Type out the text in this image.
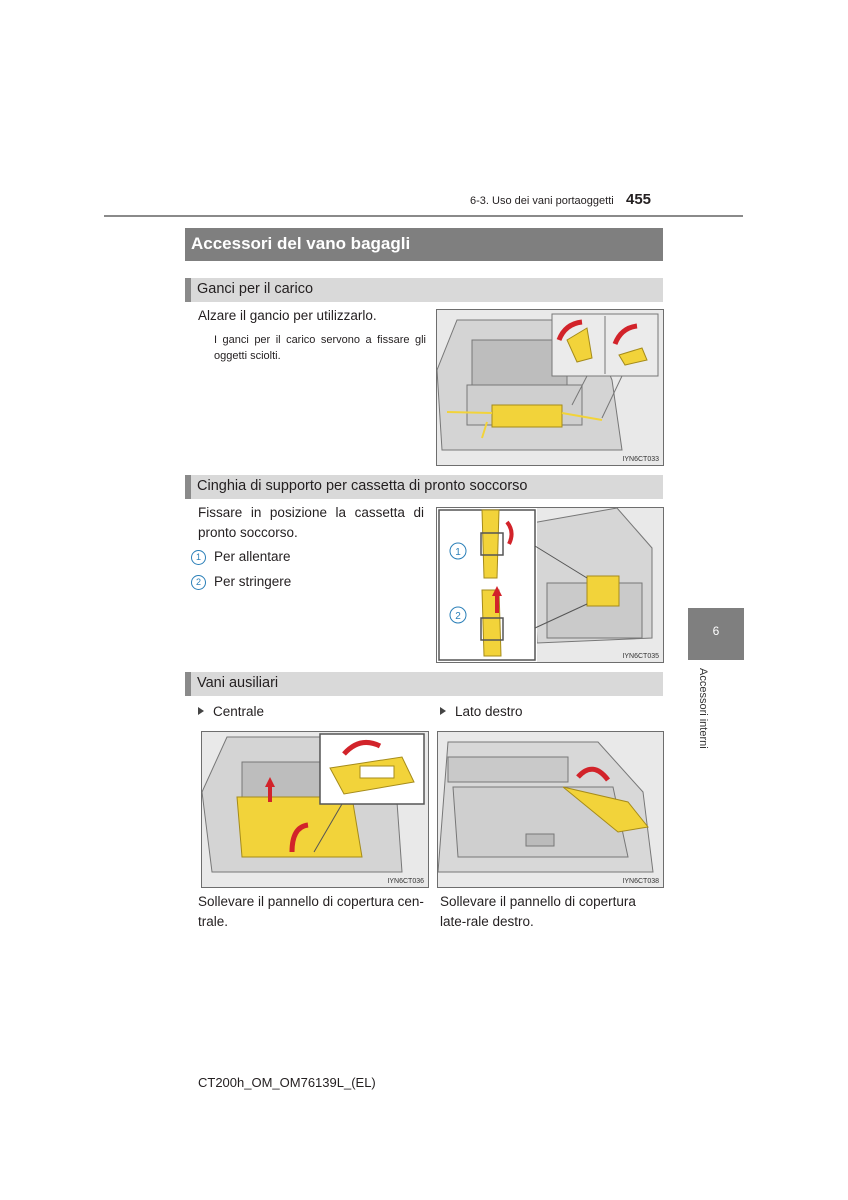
6-3. Uso dei vani portaoggetti 455
Accessori del vano bagagli
Ganci per il carico
Alzare il gancio per utilizzarlo.
I ganci per il carico servono a fissare gli oggetti sciolti.
IYN6CT033
Cinghia di supporto per cassetta di pronto soccorso
Fissare in posizione la cassetta di pronto soccorso.
1 Per allentare
2 Per stringere
1
2
IYN6CT035
Vani ausiliari
Centrale	Lato destro
IYN6CT036	IYN6CT038
Sollevare il pannello di copertura cen-trale.
Sollevare il pannello di copertura late-rale destro.
6
Accessori interni
CT200h_OM_OM76139L_(EL)
